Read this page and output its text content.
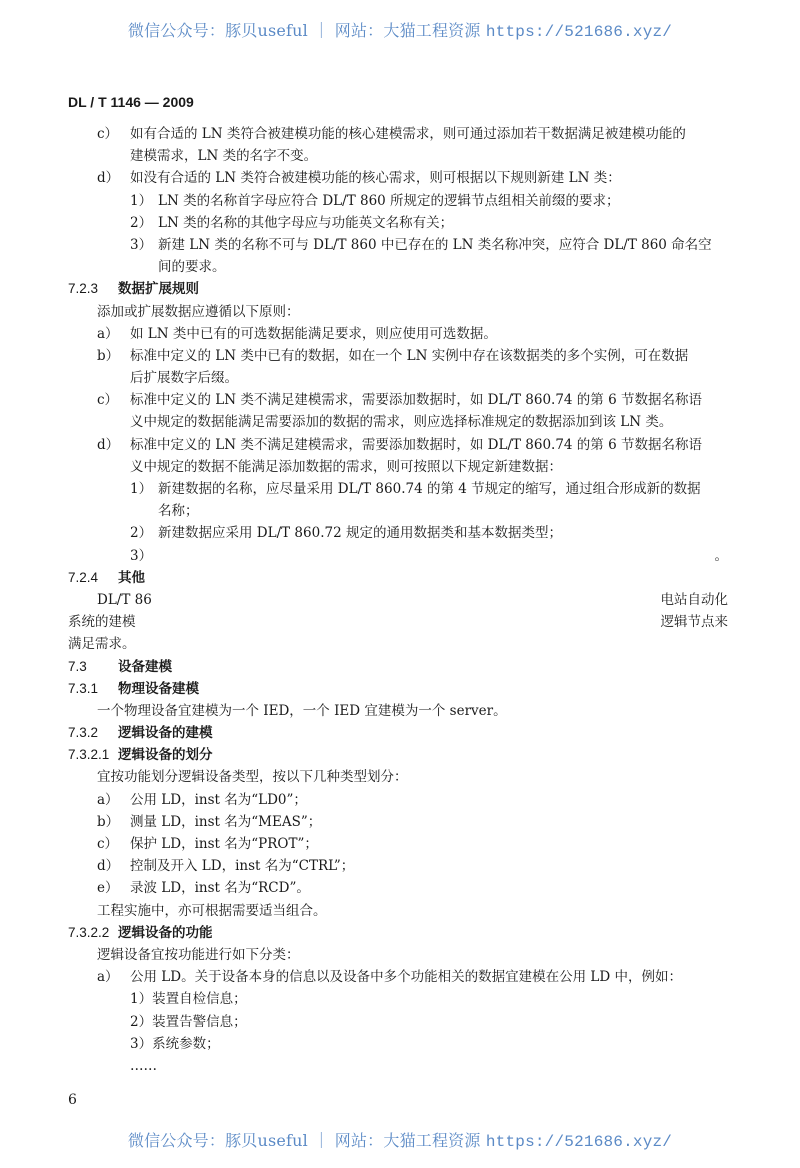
微信公众号：豚贝useful ｜ 网站：大猫工程资源 https://521686.xyz/
DL / T 1146 — 2009
c） 如有合适的 LN 类符合被建模功能的核心建模需求，则可通过添加若干数据满足被建模功能的
建模需求，LN 类的名字不变。
d） 如没有合适的 LN 类符合被建模功能的核心需求，则可根据以下规则新建 LN 类：
1） LN 类的名称首字母应符合 DL/T 860 所规定的逻辑节点组相关前缀的要求；
2） LN 类的名称的其他字母应与功能英文名称有关；
3） 新建 LN 类的名称不可与 DL/T 860 中已存在的 LN 类名称冲突，应符合 DL/T 860 命名空
间的要求。
7.2.3	数据扩展规则
添加或扩展数据应遵循以下原则：
a） 如 LN 类中已有的可选数据能满足要求，则应使用可选数据。
b） 标准中定义的 LN 类中已有的数据，如在一个 LN 实例中存在该数据类的多个实例，可在数据
后扩展数字后缀。
c） 标准中定义的 LN 类不满足建模需求，需要添加数据时，如 DL/T 860.74 的第 6 节数据名称语
义中规定的数据能满足需要添加的数据的需求，则应选择标准规定的数据添加到该 LN 类。
d） 标准中定义的 LN 类不满足建模需求，需要添加数据时，如 DL/T 860.74 的第 6 节数据名称语
义中规定的数据不能满足添加数据的需求，则可按照以下规定新建数据：
1） 新建数据的名称，应尽量采用 DL/T 860.74 的第 4 节规定的缩写，通过组合形成新的数据
名称；
2） 新建数据应采用 DL/T 860.72 规定的通用数据类和基本数据类型；
3）	。
7.2.4	其他
DL/T 86	电站自动化
系统的建模	逻辑节点来
满足需求。
7.3	设备建模
7.3.1	物理设备建模
一个物理设备宜建模为一个 IED，一个 IED 宜建模为一个 server。
7.3.2	逻辑设备的建模
7.3.2.1 逻辑设备的划分
宜按功能划分逻辑设备类型，按以下几种类型划分：
a） 公用 LD，inst 名为“LD0”；
b） 测量 LD，inst 名为“MEAS”；
c） 保护 LD，inst 名为“PROT”；
d） 控制及开入 LD，inst 名为“CTRL”；
e） 录波 LD，inst 名为“RCD”。
工程实施中，亦可根据需要适当组合。
7.3.2.2 逻辑设备的功能
逻辑设备宜按功能进行如下分类：
a） 公用 LD。关于设备本身的信息以及设备中多个功能相关的数据宜建模在公用 LD 中，例如：
1）装置自检信息；
2）装置告警信息；
3）系统参数；
……
6
微信公众号：豚贝useful ｜ 网站：大猫工程资源 https://521686.xyz/
